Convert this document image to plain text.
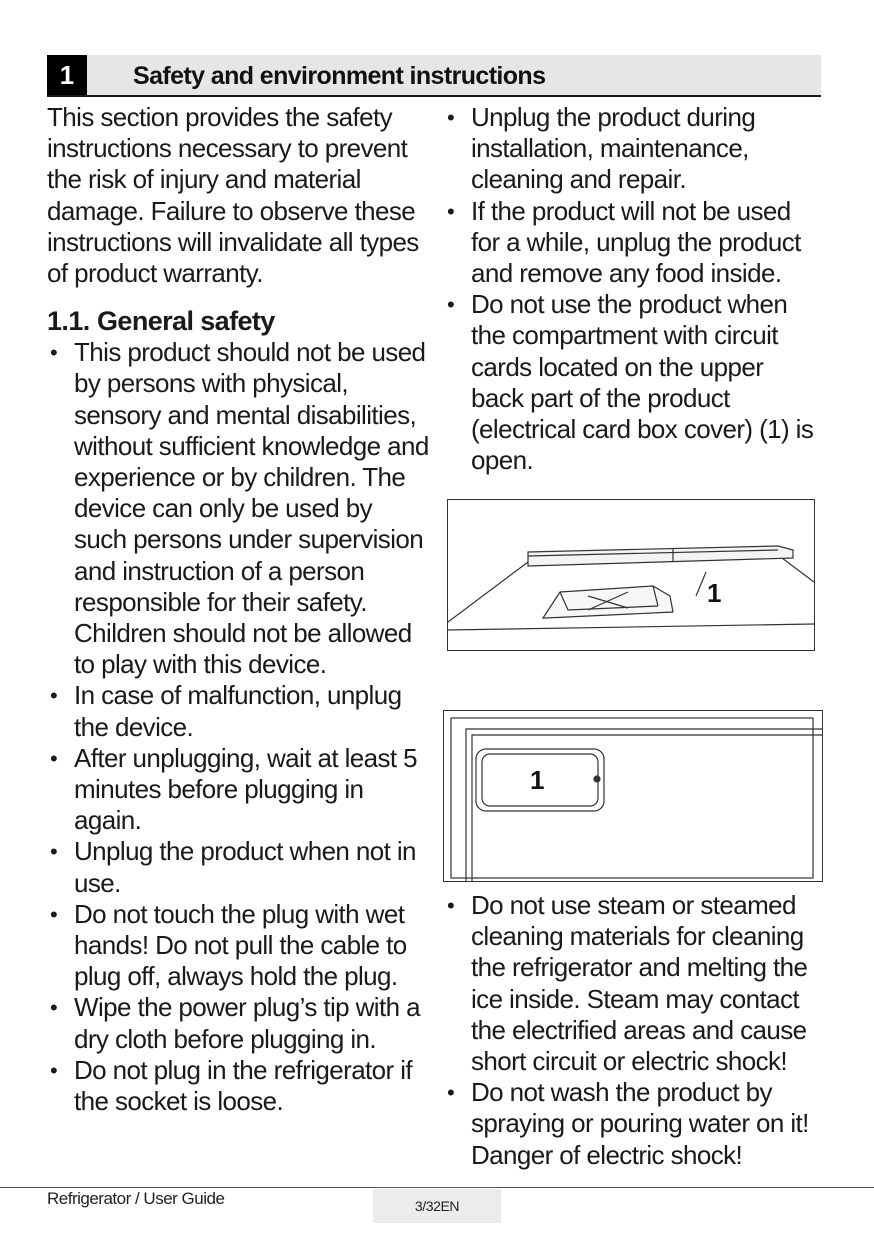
1	Safety and environment instructions

This section provides the safety instructions necessary to prevent the risk of injury and material damage. Failure to observe these instructions will invalidate all types of product warranty.

1.1. General safety
• This product should not be used by persons with physical, sensory and mental disabilities, without sufficient knowledge and experience or by children. The device can only be used by such persons under supervision and instruction of a person responsible for their safety. Children should not be allowed to play with this device.
• In case of malfunction, unplug the device.
• After unplugging, wait at least 5 minutes before plugging in again.
• Unplug the product when not in use.
• Do not touch the plug with wet hands! Do not pull the cable to plug off, always hold the plug.
• Wipe the power plug’s tip with a dry cloth before plugging in.
• Do not plug in the refrigerator if the socket is loose.
• Unplug the product during installation, maintenance, cleaning and repair.
• If the product will not be used for a while, unplug the product and remove any food inside.
• Do not use the product when the compartment with circuit cards located on the upper back part of the product (electrical card box cover) (1) is open.
1
1
• Do not use steam or steamed cleaning materials for cleaning the refrigerator and melting the ice inside. Steam may contact the electrified areas and cause short circuit or electric shock!
• Do not wash the product by spraying or pouring water on it! Danger of electric shock!
Refrigerator / User Guide	3/32EN
